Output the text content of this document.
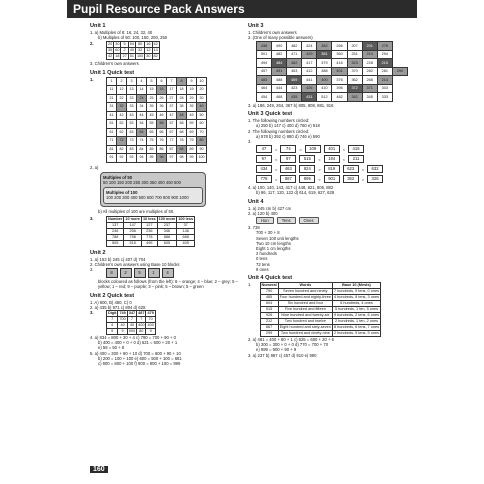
Pupil Resource Pack Answers
Unit 1
1. a) Multiples of 8: 16, 24, 32, 40
b) Multiples of 50: 100, 150, 200, 250
2.	20	30	5	54	80	16	42
35	60	2	40	32	12	14
42	18	27	51	100	30	82
3. Children's own answers
Unit 1 Quick test
1.	1	2	3	4	5	6	7	8	9	10
11	12	13	14	15	16	17	18	19	20
21	22	23	24	25	26	27	28	29	30
31	32	33	34	35	36	37	38	39	40
41	42	43	44	45	46	47	48	49	50
51	52	53	54	55	56	57	58	59	60
61	62	63	64	65	66	67	68	69	70
71	72	73	74	75	76	77	78	79	80
81	82	83	84	85	86	87	88	89	90
91	92	93	94	95	96	97	98	99	100
2. a)
Multiples of 50
50 100 150 200 250 300 350 400 450 500
Multiples of 100
100 200 300 400 500 600 700 800 900 1000
b) All multiples of 100 are multiples of 50.
3.	Number	10 more	10 less	100 more	100 less
137	147	127	237	37
246	256	236	346	146
788	798	778	888	688
505	515	495	605	405
Unit 2
1. a) 153 b) 245 c) 407 d) 704
2. Children's own answers using Base 10 blocks
3.
8	2	5	1	4
blocks coloured as follows (from the left): 8 – orange; 4 – blue; 2 – grey; 5 – yellow; 1 – red; 9 – purple; 3 – pink; 5 – brown; 5 – green
Unit 2 Quick test
1. A) 800, B) 480, C) 0
2. a) 435 b) 971 c) 804 d) 628
3.	Digit	749	347	487	479
7	700	7	7	70
4	40	40	400	400
9	9	900	80	9
4. a) 834 = 800 + 30 + 4 c) 790 = 700 + 90 + 0
b) 400 = 400 + 0 + 0 d) 621 = 600 + 20 + 1
e) 58 = 50 + 8
5. a) 400 = 300 + 90 + 10 d) 700 = 600 + 90 + 10
b) 200 = 100 + 100 e) 600 = 500 + 100 = 681
c) 900 = 800 + 100 f) 900 = 800 + 100 = 999
Unit 3
1. Children's own answers
2. (One of many possible answers)
436	490	482	424	382	266	207	201	276	
501	482	471	429	381	360	251	210	294	
494	484	462	417	379	416	323	228	215	
457	491	453	412	388	401	370	282	281	290
483	488	459	441	400	376	362	268	214	
464	444	423	426	410	396	372	371	303	
454	468	435	431	512	482	342	345	333	
3. a) 186, 249, 264, 367 b) 805, 808, 881, 916
Unit 3 Quick test
1. The following numbers circled:
a) 250 b) 147 c) 400 d) 760 e) 918
2. The following numbers circled:
a) 578 b) 392 c) 880 d) 746 e) 590
3.
47	<	74	>	109	401	<	416
97	<	97	515	<	194	<	211
434	<	463	824	>	819	623	<	632
778	<	887	895	<	901	362	>	326
4. a) 100, 140, 143, 417 c) 448, 821, 806, 882
b) 96, 117, 120, 122 d) 614, 619, 627, 628
Unit 4
1. a) 245 cm b) 427 cm
2. a) 120 b) 400
Hun	Tens	Ones
3. 738
700 + 30 + 8
Seven 100 unit lengths
Two 10 cm lengths
Eight 1 cm lengths
2 hundreds
0 tens
72 tens
8 ones
Unit 4 Quick test
1.	Numeral	Words	Base 10 (Mests)
790	Seven hundred and ninety	7 hundreds, 9 tens, 0 ones
485	Four hundred and eighty-three	4 hundreds, 8 tens, 3 ones
604	Six hundred and four	6 hundreds, 4 ones
515	Five hundred and fifteen	5 hundreds, 1 ten, 5 ones
926	Nine hundred and twenty-six	9 hundreds, 2 tens, 6 ones
212	Two hundred and twelve	2 hundreds, 1 ten, 2 ones
867	Eight hundred and sixty-seven	8 hundreds, 6 tens, 7 ones
299	Two hundred and ninety-nine	2 hundreds, 9 tens, 9 ones
2. a) 481 = 400 + 80 + 1 c) 625 = 600 + 20 + 5
b) 300 = 300 + 0 + 0 d) 770 = 700 + 70
e) 999 = 900 + 90 + 9
3. a) 237 b) 987 c) 457 d) 910 e) 990
160
